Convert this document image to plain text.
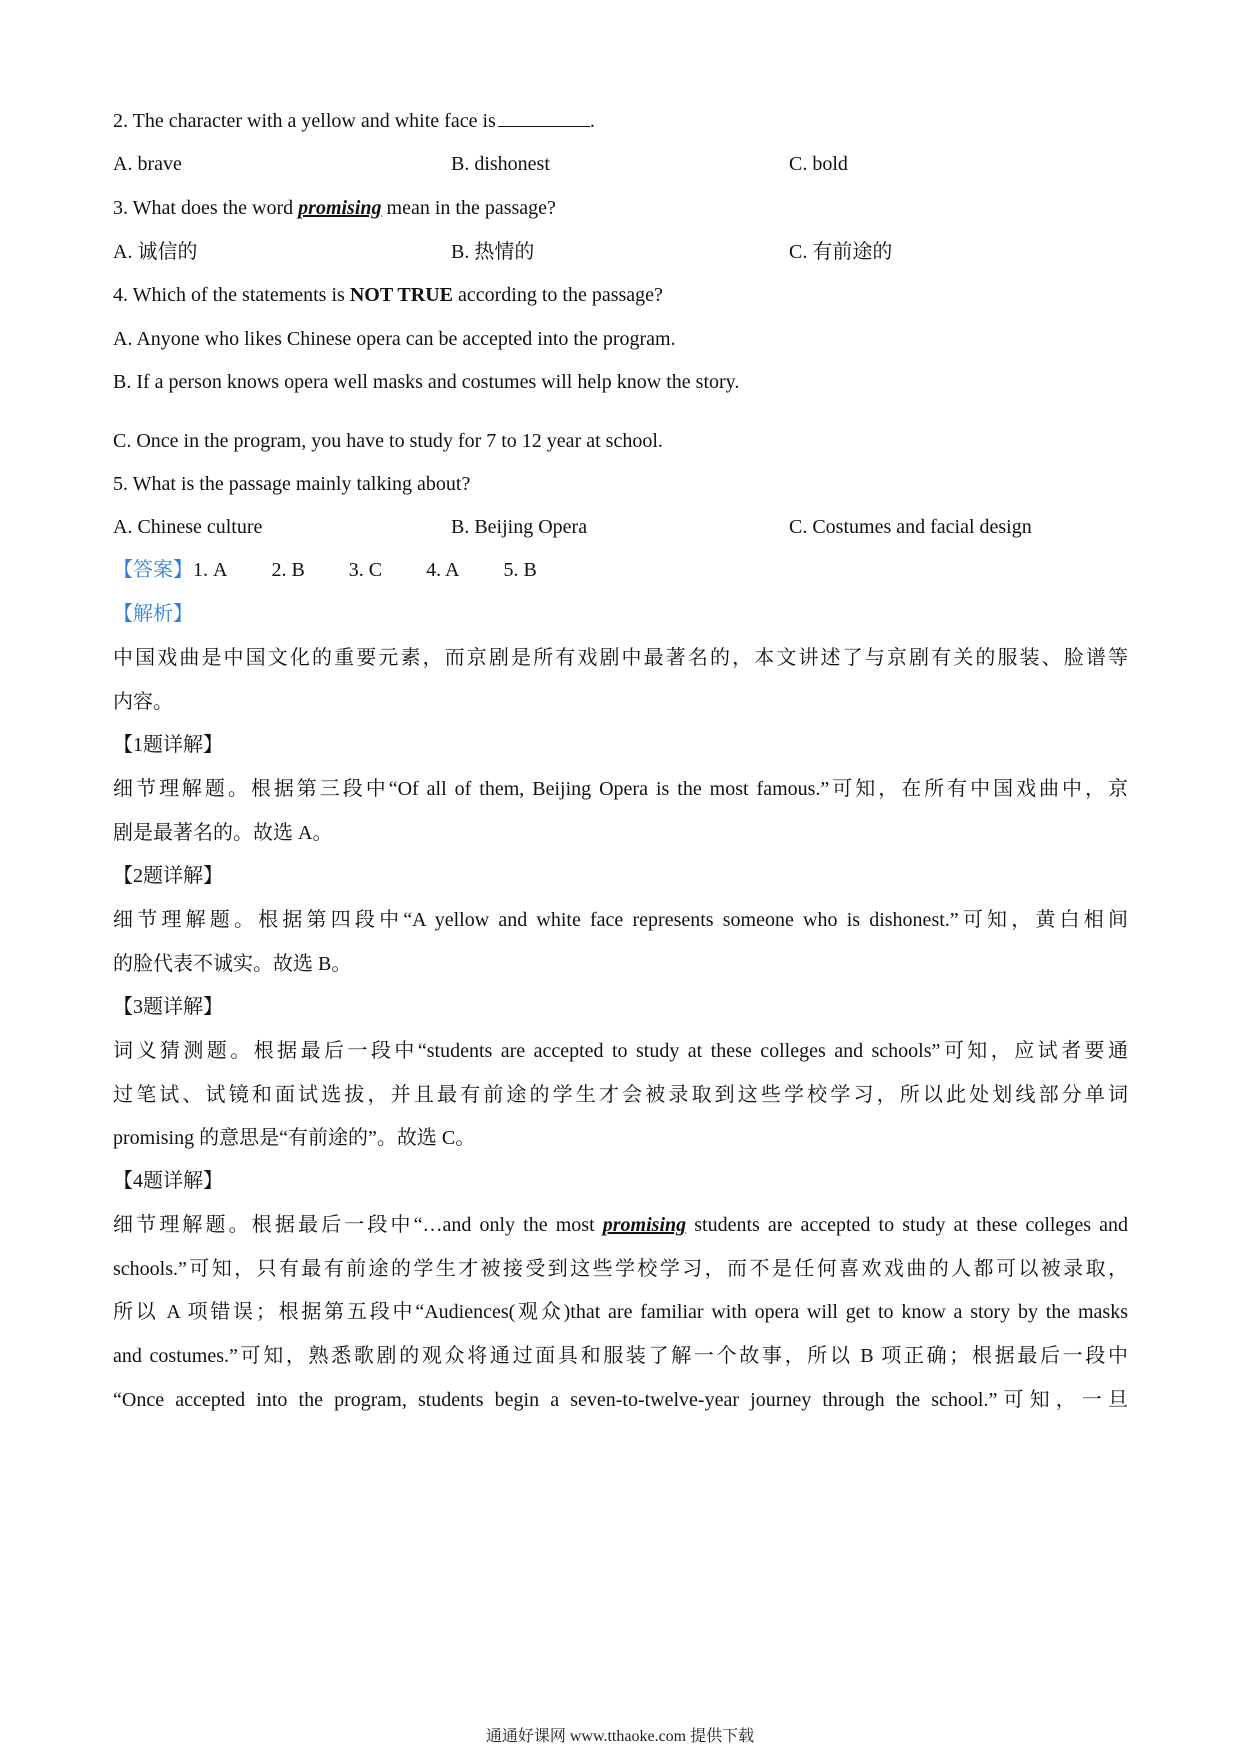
2. The character with a yellow and white face is	.
A. brave	B. dishonest	C. bold
3. What does the word promising mean in the passage?
A. 诚信的	B. 热情的	C. 有前途的
4. Which of the statements is NOT TRUE according to the passage?
A. Anyone who likes Chinese opera can be accepted into the program.
B. If a person knows opera well masks and costumes will help know the story.
C. Once in the program, you have to study for 7 to 12 year at school.
5. What is the passage mainly talking about?
A. Chinese culture	B. Beijing Opera	C. Costumes and facial design
【答案】1. A 2. B 3. C 4. A 5. B
【解析】
中国戏曲是中国文化的重要元素，而京剧是所有戏剧中最著名的，本文讲述了与京剧有关的服装、脸谱等
内容。
【1题详解】
细节理解题。根据第三段中“Of all of them, Beijing Opera is the most famous.”可知，在所有中国戏曲中，京
剧是最著名的。故选 A。
【2题详解】
细节理解题。根据第四段中“A yellow and white face represents someone who is dishonest.”可知，黄白相间
的脸代表不诚实。故选 B。
【3题详解】
词义猜测题。根据最后一段中“students are accepted to study at these colleges and schools”可知，应试者要通
过笔试、试镜和面试选拔，并且最有前途的学生才会被录取到这些学校学习，所以此处划线部分单词
promising 的意思是“有前途的”。故选 C。
【4题详解】
细节理解题。根据最后一段中“…and only the most promising students are accepted to study at these colleges and
schools.”可知，只有最有前途的学生才被接受到这些学校学习，而不是任何喜欢戏曲的人都可以被录取，
所以 A 项错误；根据第五段中“Audiences(观众)that are familiar with opera will get to know a story by the masks
and costumes.”可知，熟悉歌剧的观众将通过面具和服装了解一个故事，所以 B 项正确；根据最后一段中
“Once accepted into the program, students begin a seven-to-twelve-year journey through the school.”可知，一旦
通通好课网 www.tthaoke.com 提供下载
